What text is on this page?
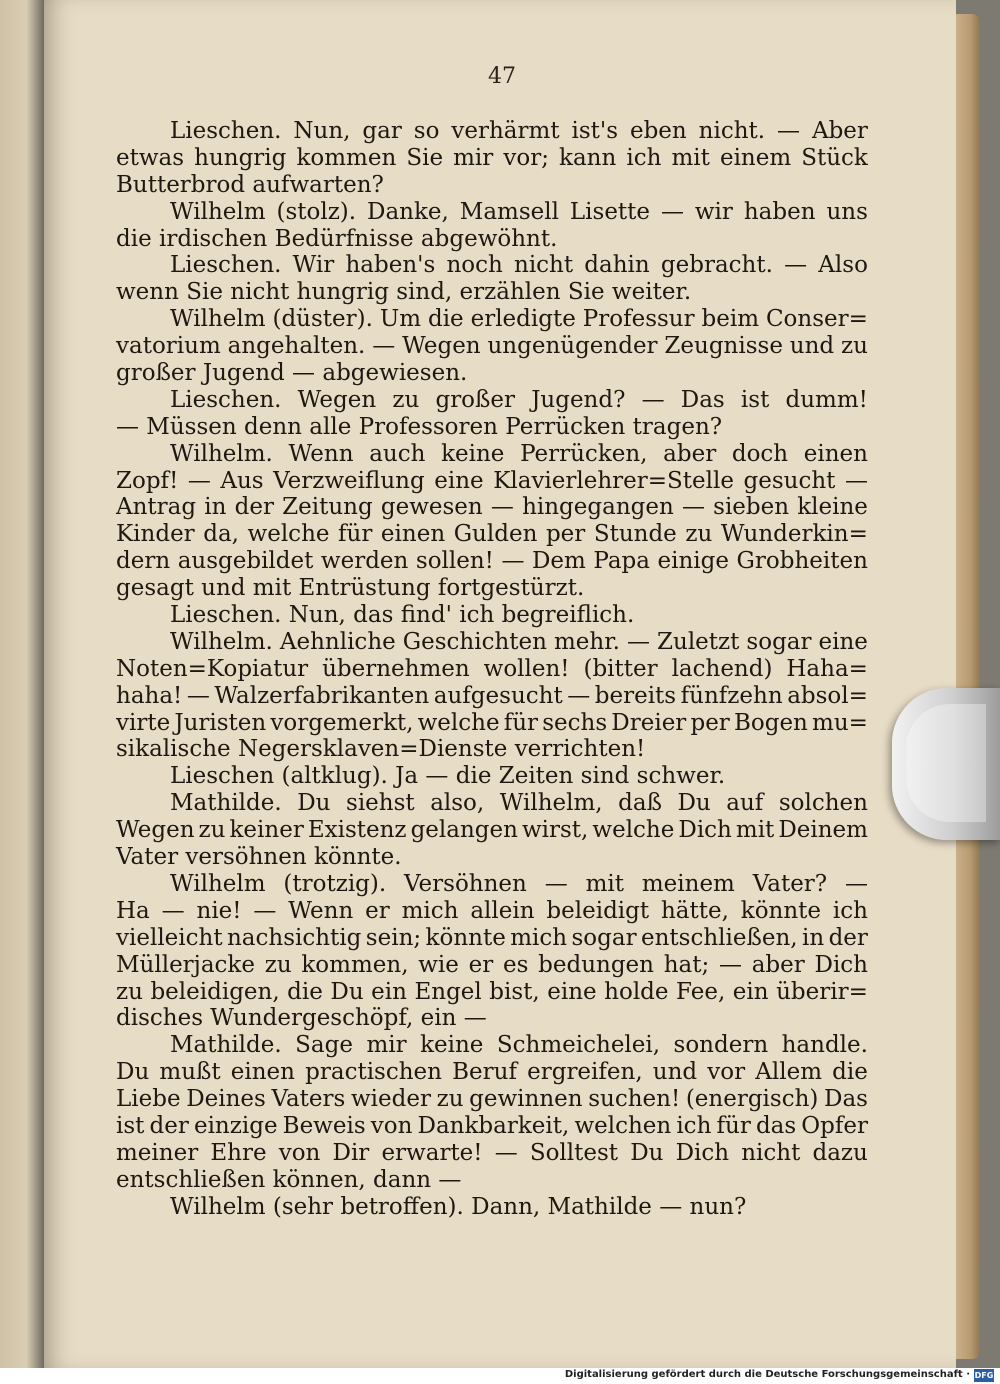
47
Lieschen. Nun, gar so verhärmt ist's eben nicht. — Aber
etwas hungrig kommen Sie mir vor; kann ich mit einem Stück
Butterbrod aufwarten?
Wilhelm (stolz). Danke, Mamsell Lisette — wir haben uns
die irdischen Bedürfnisse abgewöhnt.
Lieschen. Wir haben's noch nicht dahin gebracht. — Also
wenn Sie nicht hungrig sind, erzählen Sie weiter.
Wilhelm (düster). Um die erledigte Professur beim Conser=
vatorium angehalten. — Wegen ungenügender Zeugnisse und zu
großer Jugend — abgewiesen.
Lieschen. Wegen zu großer Jugend? — Das ist dumm!
— Müssen denn alle Professoren Perrücken tragen?
Wilhelm. Wenn auch keine Perrücken, aber doch einen
Zopf! — Aus Verzweiflung eine Klavierlehrer=Stelle gesucht —
Antrag in der Zeitung gewesen — hingegangen — sieben kleine
Kinder da, welche für einen Gulden per Stunde zu Wunderkin=
dern ausgebildet werden sollen! — Dem Papa einige Grobheiten
gesagt und mit Entrüstung fortgestürzt.
Lieschen. Nun, das find' ich begreiflich.
Wilhelm. Aehnliche Geschichten mehr. — Zuletzt sogar eine
Noten=Kopiatur übernehmen wollen! (bitter lachend) Haha=
haha! — Walzerfabrikanten aufgesucht — bereits fünfzehn absol=
virte Juristen vorgemerkt, welche für sechs Dreier per Bogen mu=
sikalische Negersklaven=Dienste verrichten!
Lieschen (altklug). Ja — die Zeiten sind schwer.
Mathilde. Du siehst also, Wilhelm, daß Du auf solchen
Wegen zu keiner Existenz gelangen wirst, welche Dich mit Deinem
Vater versöhnen könnte.
Wilhelm (trotzig). Versöhnen — mit meinem Vater? —
Ha — nie! — Wenn er mich allein beleidigt hätte, könnte ich
vielleicht nachsichtig sein; könnte mich sogar entschließen, in der
Müllerjacke zu kommen, wie er es bedungen hat; — aber Dich
zu beleidigen, die Du ein Engel bist, eine holde Fee, ein überir=
disches Wundergeschöpf, ein —
Mathilde. Sage mir keine Schmeichelei, sondern handle.
Du mußt einen practischen Beruf ergreifen, und vor Allem die
Liebe Deines Vaters wieder zu gewinnen suchen! (energisch) Das
ist der einzige Beweis von Dankbarkeit, welchen ich für das Opfer
meiner Ehre von Dir erwarte! — Solltest Du Dich nicht dazu
entschließen können, dann —
Wilhelm (sehr betroffen). Dann, Mathilde — nun?
Digitalisierung gefördert durch die Deutsche Forschungsgemeinschaft · DFG
